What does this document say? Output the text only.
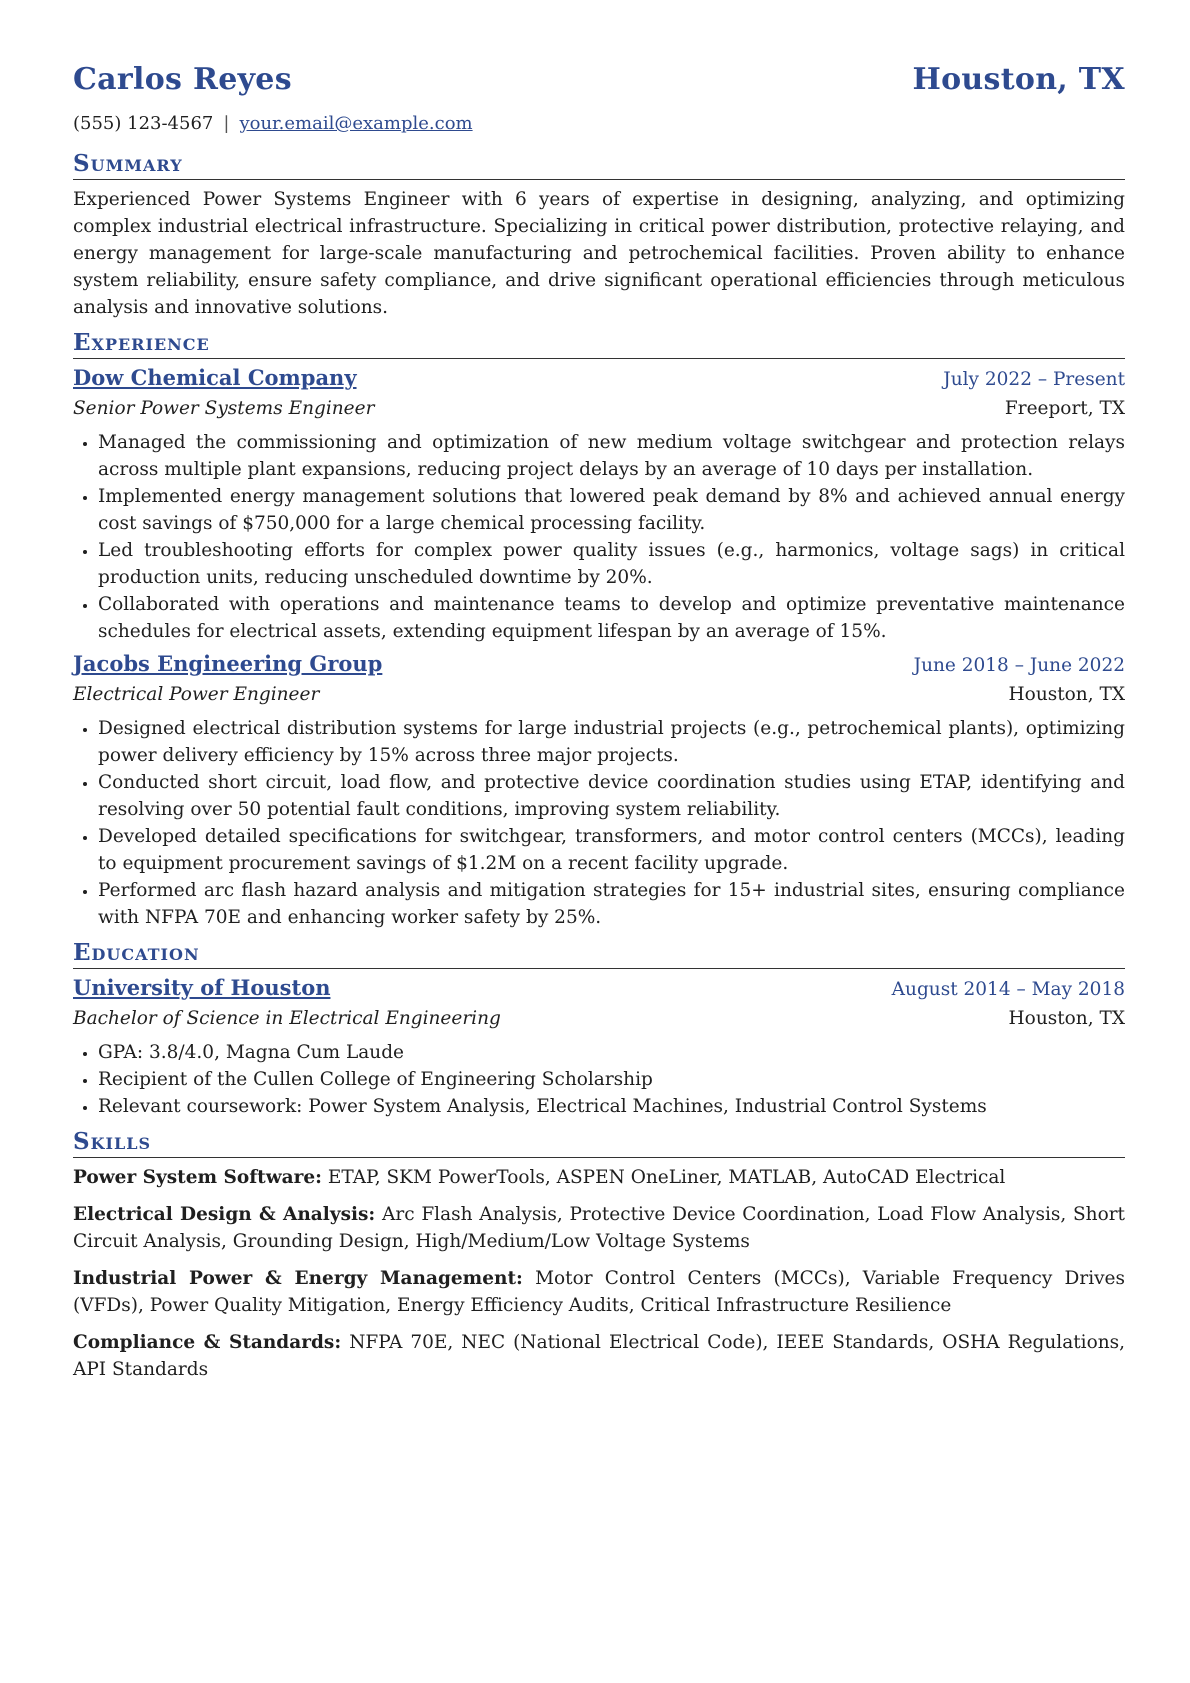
Carlos Reyes	Houston, TX
(555) 123-4567 | your.email@example.com
Summary
Experienced Power Systems Engineer with 6 years of expertise in designing, analyzing, and optimizing complex industrial electrical infrastructure. Specializing in critical power distribution, protective relaying, and energy management for large-scale manufacturing and petrochemical facilities. Proven ability to enhance system reliability, ensure safety compliance, and drive significant operational efficiencies through meticulous analysis and innovative solutions.
Experience
Dow Chemical Company	July 2022 – Present
Senior Power Systems Engineer	Freeport, TX
• Managed the commissioning and optimization of new medium voltage switchgear and protection relays across multiple plant expansions, reducing project delays by an average of 10 days per installation.
• Implemented energy management solutions that lowered peak demand by 8% and achieved annual energy cost savings of $750,000 for a large chemical processing facility.
• Led troubleshooting efforts for complex power quality issues (e.g., harmonics, voltage sags) in critical production units, reducing unscheduled downtime by 20%.
• Collaborated with operations and maintenance teams to develop and optimize preventative maintenance schedules for electrical assets, extending equipment lifespan by an average of 15%.
Jacobs Engineering Group	June 2018 – June 2022
Electrical Power Engineer	Houston, TX
• Designed electrical distribution systems for large industrial projects (e.g., petrochemical plants), optimizing power delivery efficiency by 15% across three major projects.
• Conducted short circuit, load flow, and protective device coordination studies using ETAP, identifying and resolving over 50 potential fault conditions, improving system reliability.
• Developed detailed specifications for switchgear, transformers, and motor control centers (MCCs), leading to equipment procurement savings of $1.2M on a recent facility upgrade.
• Performed arc flash hazard analysis and mitigation strategies for 15+ industrial sites, ensuring compliance with NFPA 70E and enhancing worker safety by 25%.
Education
University of Houston	August 2014 – May 2018
Bachelor of Science in Electrical Engineering	Houston, TX
• GPA: 3.8/4.0, Magna Cum Laude
• Recipient of the Cullen College of Engineering Scholarship
• Relevant coursework: Power System Analysis, Electrical Machines, Industrial Control Systems
Skills
Power System Software: ETAP, SKM PowerTools, ASPEN OneLiner, MATLAB, AutoCAD Electrical
Electrical Design & Analysis: Arc Flash Analysis, Protective Device Coordination, Load Flow Analysis, Short Circuit Analysis, Grounding Design, High/Medium/Low Voltage Systems
Industrial Power & Energy Management: Motor Control Centers (MCCs), Variable Frequency Drives (VFDs), Power Quality Mitigation, Energy Efficiency Audits, Critical Infrastructure Resilience
Compliance & Standards: NFPA 70E, NEC (National Electrical Code), IEEE Standards, OSHA Regulations, API Standards
